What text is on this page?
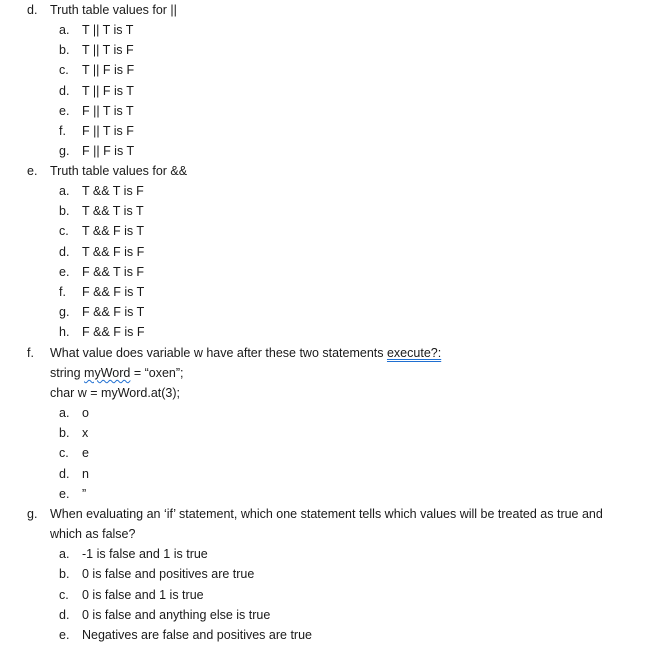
d. Truth table values for ||
a. T || T is T
b. T || T is F
c. T || F is F
d. T || F is T
e. F || T is T
f. F || T is F
g. F || F is T
e. Truth table values for &&
a. T && T is F
b. T && T is T
c. T && F is T
d. T && F is F
e. F && T is F
f. F && F is T
g. F && F is T
h. F && F is F
f. What value does variable w have after these two statements execute?:
string myWord = “oxen”;
char w = myWord.at(3);
a. o
b. x
c. e
d. n
e. ”
g. When evaluating an ‘if’ statement, which one statement tells which values will be treated as true and
which as false?
a. -1 is false and 1 is true
b. 0 is false and positives are true
c. 0 is false and 1 is true
d. 0 is false and anything else is true
e. Negatives are false and positives are true
